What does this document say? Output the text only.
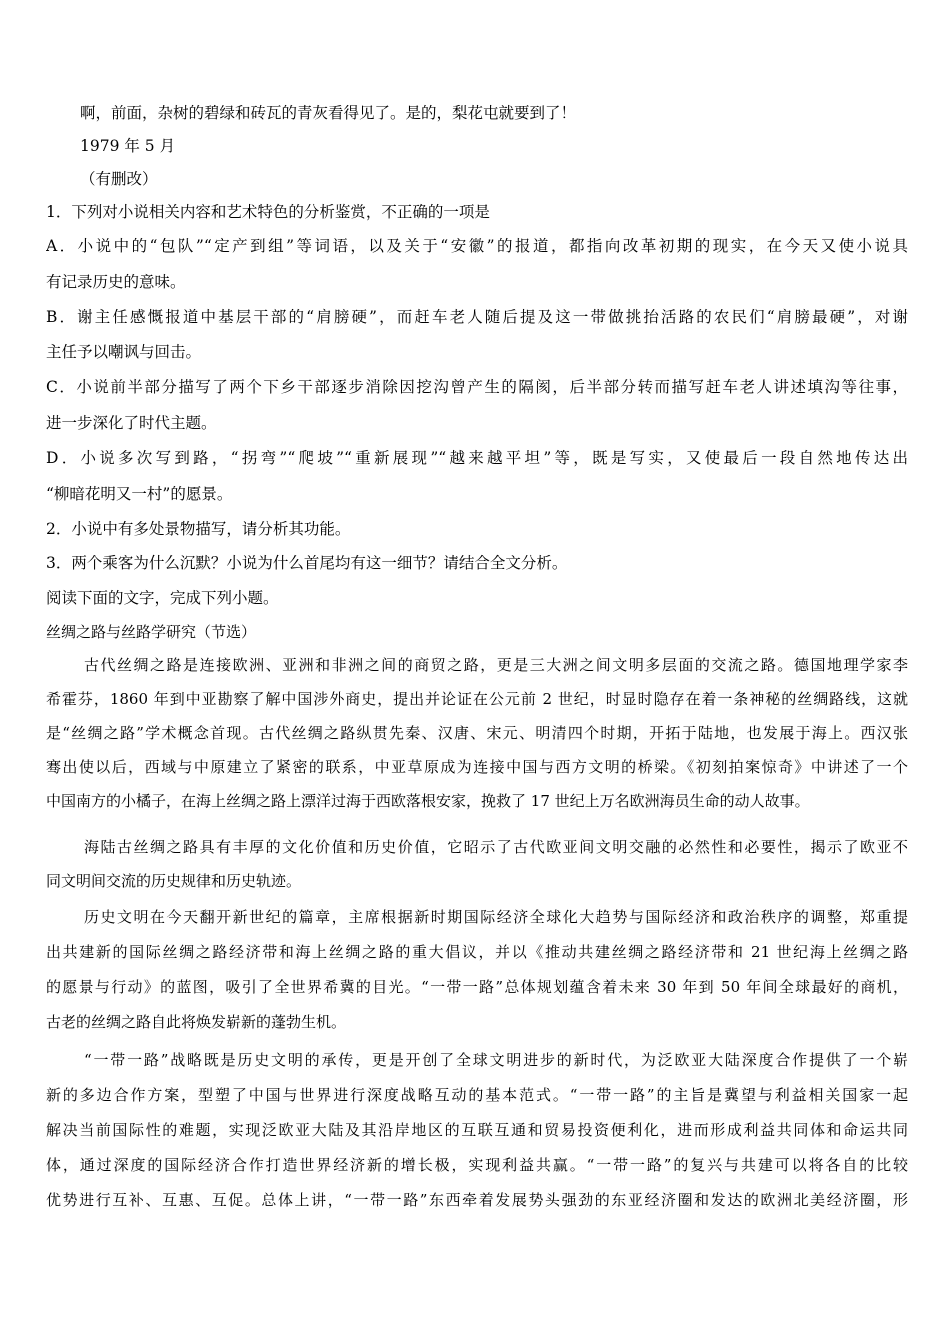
啊，前面，杂树的碧绿和砖瓦的青灰看得见了。是的，梨花屯就要到了！
1979 年 5 月
（有删改）
1．下列对小说相关内容和艺术特色的分析鉴赏，不正确的一项是
A．小说中的“包队”“定产到组”等词语，以及关于“安徽”的报道，都指向改革初期的现实，在今天又使小说具
有记录历史的意味。
B．谢主任感慨报道中基层干部的“肩膀硬”，而赶车老人随后提及这一带做挑抬活路的农民们“肩膀最硬”，对谢
主任予以嘲讽与回击。
C．小说前半部分描写了两个下乡干部逐步消除因挖沟曾产生的隔阂，后半部分转而描写赶车老人讲述填沟等往事，
进一步深化了时代主题。
D．小说多次写到路，“拐弯”“爬坡”“重新展现”“越来越平坦”等，既是写实，又使最后一段自然地传达出
“柳暗花明又一村”的愿景。
2．小说中有多处景物描写，请分析其功能。
3．两个乘客为什么沉默？小说为什么首尾均有这一细节？请结合全文分析。
阅读下面的文字，完成下列小题。
丝绸之路与丝路学研究（节选）
古代丝绸之路是连接欧洲、亚洲和非洲之间的商贸之路，更是三大洲之间文明多层面的交流之路。德国地理学家李
希霍芬，1860 年到中亚勘察了解中国涉外商史，提出并论证在公元前 2 世纪，时显时隐存在着一条神秘的丝绸路线，这就
是“丝绸之路”学术概念首现。古代丝绸之路纵贯先秦、汉唐、宋元、明清四个时期，开拓于陆地，也发展于海上。西汉张
骞出使以后，西域与中原建立了紧密的联系，中亚草原成为连接中国与西方文明的桥梁。《初刻拍案惊奇》中讲述了一个
中国南方的小橘子，在海上丝绸之路上漂洋过海于西欧落根安家，挽救了 17 世纪上万名欧洲海员生命的动人故事。
海陆古丝绸之路具有丰厚的文化价值和历史价值，它昭示了古代欧亚间文明交融的必然性和必要性，揭示了欧亚不
同文明间交流的历史规律和历史轨迹。
历史文明在今天翻开新世纪的篇章，主席根据新时期国际经济全球化大趋势与国际经济和政治秩序的调整，郑重提
出共建新的国际丝绸之路经济带和海上丝绸之路的重大倡议，并以《推动共建丝绸之路经济带和 21 世纪海上丝绸之路
的愿景与行动》的蓝图，吸引了全世界希冀的目光。“一带一路”总体规划蕴含着未来 30 年到 50 年间全球最好的商机，
古老的丝绸之路自此将焕发崭新的蓬勃生机。
“一带一路”战略既是历史文明的承传，更是开创了全球文明进步的新时代，为泛欧亚大陆深度合作提供了一个崭
新的多边合作方案，型塑了中国与世界进行深度战略互动的基本范式。“一带一路”的主旨是冀望与利益相关国家一起
解决当前国际性的难题，实现泛欧亚大陆及其沿岸地区的互联互通和贸易投资便利化，进而形成利益共同体和命运共同
体，通过深度的国际经济合作打造世界经济新的增长极，实现利益共赢。“一带一路”的复兴与共建可以将各自的比较
优势进行互补、互惠、互促。总体上讲，“一带一路”东西牵着发展势头强劲的东亚经济圈和发达的欧洲北美经济圈，形
